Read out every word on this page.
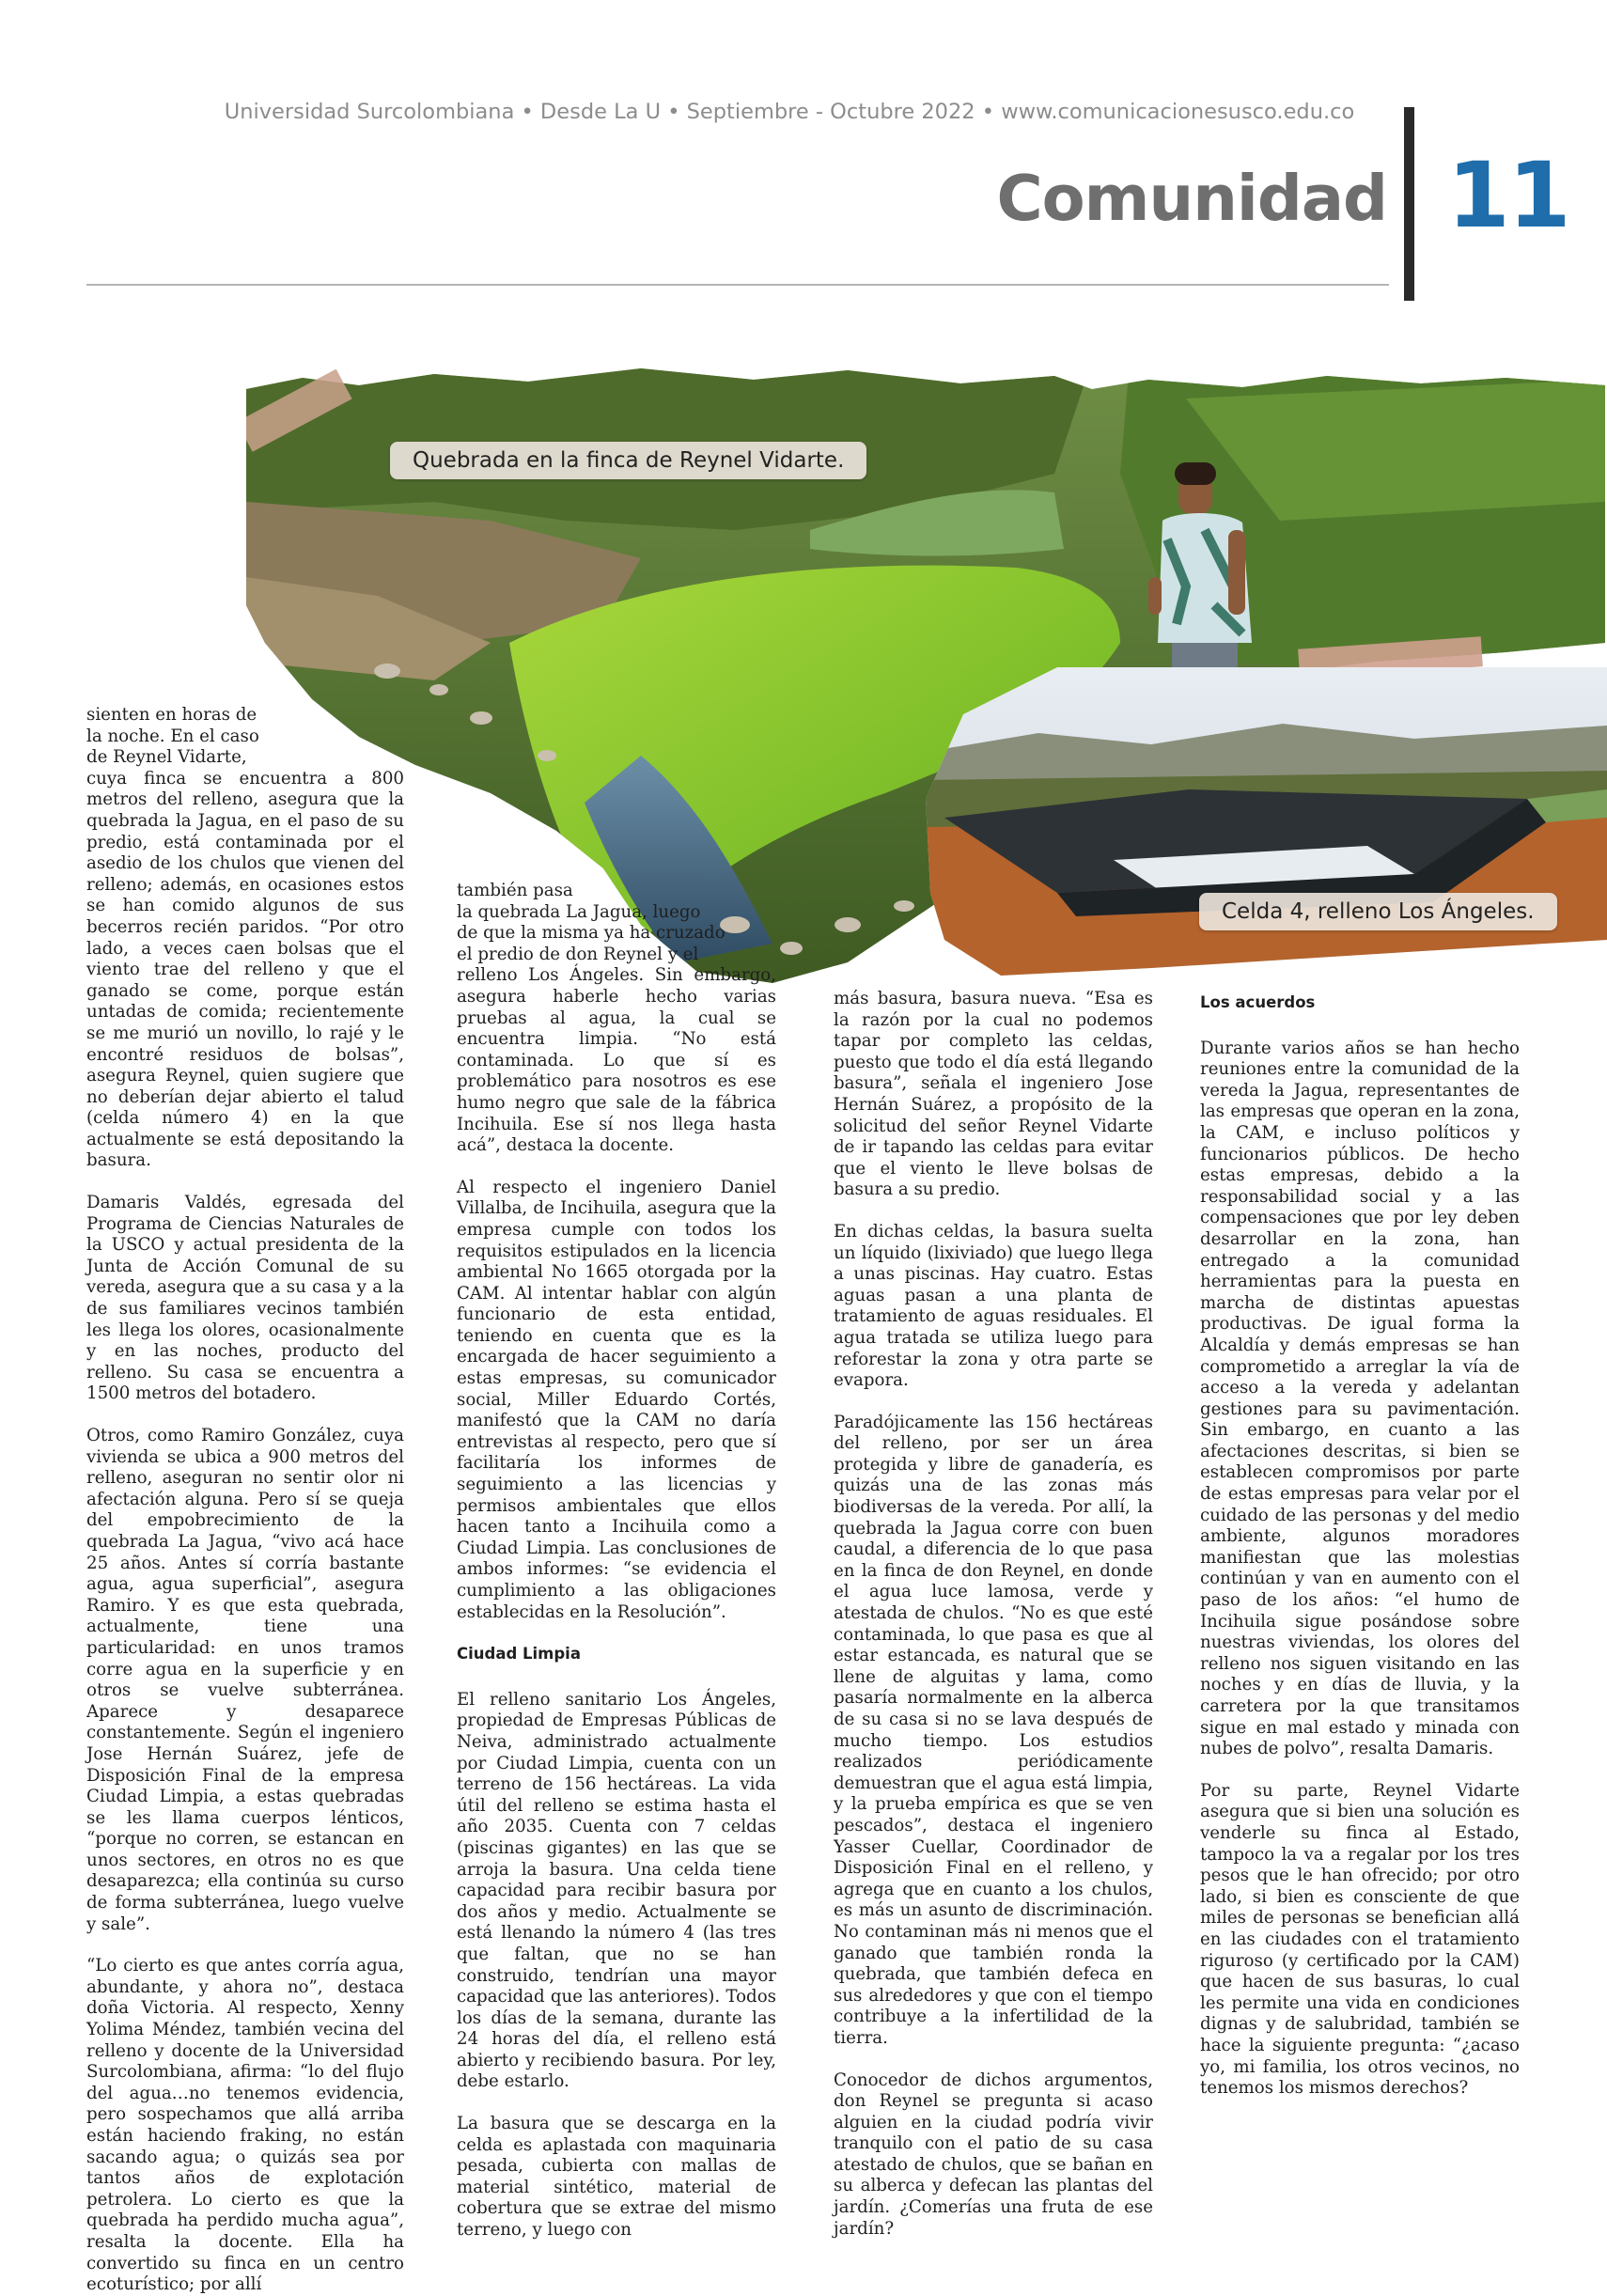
Universidad Surcolombiana • Desde La U • Septiembre - Octubre 2022 • www.comunicacionesusco.edu.co
Comunidad 11
Quebrada en la finca de Reynel Vidarte.
Celda 4, relleno Los Ángeles.
sienten en horas de
la noche. En el caso
de Reynel Vidarte,

cuya finca se encuentra a 800 metros del relleno, asegura que la quebrada la Jagua, en el paso de su predio, está contaminada por el asedio de los chulos que vienen del relleno; además, en ocasiones estos se han comido algunos de sus becerros recién paridos. “Por otro lado, a veces caen bolsas que el viento trae del relleno y que el ganado se come, porque están untadas de comida; recientemente se me murió un novillo, lo rajé y le encontré residuos de bolsas”, asegura Reynel, quien sugiere que no deberían dejar abierto el talud (celda número 4) en la que actualmente se está depositando la basura.

Damaris Valdés, egresada del Programa de Ciencias Naturales de la USCO y actual presidenta de la Junta de Acción Comunal de su vereda, asegura que a su casa y a la de sus familiares vecinos también les llega los olores, ocasionalmente y en las noches, producto del relleno. Su casa se encuentra a 1500 metros del botadero.

Otros, como Ramiro González, cuya vivienda se ubica a 900 metros del relleno, aseguran no sentir olor ni afectación alguna. Pero sí se queja del empobrecimiento de la quebrada La Jagua, “vivo acá hace 25 años. Antes sí corría bastante agua, agua superficial”, asegura Ramiro. Y es que esta quebrada, actualmente, tiene una particularidad: en unos tramos corre agua en la superficie y en otros se vuelve subterránea. Aparece y desaparece constantemente. Según el ingeniero Jose Hernán Suárez, jefe de Disposición Final de la empresa Ciudad Limpia, a estas quebradas se les llama cuerpos lénticos, “porque no corren, se estancan en unos sectores, en otros no es que desaparezca; ella continúa su curso de forma subterránea, luego vuelve y sale”.

“Lo cierto es que antes corría agua, abundante, y ahora no”, destaca doña Victoria. Al respecto, Xenny Yolima Méndez, también vecina del relleno y docente de la Universidad Surcolombiana, afirma: “lo del flujo del agua…no tenemos evidencia, pero sospechamos que allá arriba están haciendo fraking, no están sacando agua; o quizás sea por tantos años de explotación petrolera. Lo cierto es que la quebrada ha perdido mucha agua”, resalta la docente. Ella ha convertido su finca en un centro ecoturístico; por allí

también pasa
la quebrada La Jagua, luego
de que la misma ya ha cruzado
el predio de don Reynel y el

relleno Los Ángeles. Sin embargo, asegura haberle hecho varias pruebas al agua, la cual se encuentra limpia. “No está contaminada. Lo que sí es problemático para nosotros es ese humo negro que sale de la fábrica Incihuila. Ese sí nos llega hasta acá”, destaca la docente.

Al respecto el ingeniero Daniel Villalba, de Incihuila, asegura que la empresa cumple con todos los requisitos estipulados en la licencia ambiental No 1665 otorgada por la CAM. Al intentar hablar con algún funcionario de esta entidad, teniendo en cuenta que es la encargada de hacer seguimiento a estas empresas, su comunicador social, Miller Eduardo Cortés, manifestó que la CAM no daría entrevistas al respecto, pero que sí facilitaría los informes de seguimiento a las licencias y permisos ambientales que ellos hacen tanto a Incihuila como a Ciudad Limpia. Las conclusiones de ambos informes: “se evidencia el cumplimiento a las obligaciones establecidas en la Resolución”.

Ciudad Limpia

El relleno sanitario Los Ángeles, propiedad de Empresas Públicas de Neiva, administrado actualmente por Ciudad Limpia, cuenta con un terreno de 156 hectáreas. La vida útil del relleno se estima hasta el año 2035. Cuenta con 7 celdas (piscinas gigantes) en las que se arroja la basura. Una celda tiene capacidad para recibir basura por dos años y medio. Actualmente se está llenando la número 4 (las tres que faltan, que no se han construido, tendrían una mayor capacidad que las anteriores). Todos los días de la semana, durante las 24 horas del día, el relleno está abierto y recibiendo basura. Por ley, debe estarlo.

La basura que se descarga en la celda es aplastada con maquinaria pesada, cubierta con mallas de material sintético, material de cobertura que se extrae del mismo terreno, y luego con

más basura, basura nueva. “Esa es la razón por la cual no podemos tapar por completo las celdas, puesto que todo el día está llegando basura”, señala el ingeniero Jose Hernán Suárez, a propósito de la solicitud del señor Reynel Vidarte de ir tapando las celdas para evitar que el viento le lleve bolsas de basura a su predio.

En dichas celdas, la basura suelta un líquido (lixiviado) que luego llega a unas piscinas. Hay cuatro. Estas aguas pasan a una planta de tratamiento de aguas residuales. El agua tratada se utiliza luego para reforestar la zona y otra parte se evapora.

Paradójicamente las 156 hectáreas del relleno, por ser un área protegida y libre de ganadería, es quizás una de las zonas más biodiversas de la vereda. Por allí, la quebrada la Jagua corre con buen caudal, a diferencia de lo que pasa en la finca de don Reynel, en donde el agua luce lamosa, verde y atestada de chulos. “No es que esté contaminada, lo que pasa es que al estar estancada, es natural que se llene de alguitas y lama, como pasaría normalmente en la alberca de su casa si no se lava después de mucho tiempo. Los estudios realizados periódicamente demuestran que el agua está limpia, y la prueba empírica es que se ven pescados”, destaca el ingeniero Yasser Cuellar, Coordinador de Disposición Final en el relleno, y agrega que en cuanto a los chulos, es más un asunto de discriminación. No contaminan más ni menos que el ganado que también ronda la quebrada, que también defeca en sus alrededores y que con el tiempo contribuye a la infertilidad de la tierra.

Conocedor de dichos argumentos, don Reynel se pregunta si acaso alguien en la ciudad podría vivir tranquilo con el patio de su casa atestado de chulos, que se bañan en su alberca y defecan las plantas del jardín. ¿Comerías una fruta de ese jardín?

Los acuerdos

Durante varios años se han hecho reuniones entre la comunidad de la vereda la Jagua, representantes de las empresas que operan en la zona, la CAM, e incluso políticos y funcionarios públicos. De hecho estas empresas, debido a la responsabilidad social y a las compensaciones que por ley deben desarrollar en la zona, han entregado a la comunidad herramientas para la puesta en marcha de distintas apuestas productivas. De igual forma la Alcaldía y demás empresas se han comprometido a arreglar la vía de acceso a la vereda y adelantan gestiones para su pavimentación. Sin embargo, en cuanto a las afectaciones descritas, si bien se establecen compromisos por parte de estas empresas para velar por el cuidado de las personas y del medio ambiente, algunos moradores manifiestan que las molestias continúan y van en aumento con el paso de los años: “el humo de Incihuila sigue posándose sobre nuestras viviendas, los olores del relleno nos siguen visitando en las noches y en días de lluvia, y la carretera por la que transitamos sigue en mal estado y minada con nubes de polvo”, resalta Damaris.

Por su parte, Reynel Vidarte asegura que si bien una solución es venderle su finca al Estado, tampoco la va a regalar por los tres pesos que le han ofrecido; por otro lado, si bien es consciente de que miles de personas se benefician allá en las ciudades con el tratamiento riguroso (y certificado por la CAM) que hacen de sus basuras, lo cual les permite una vida en condiciones dignas y de salubridad, también se hace la siguiente pregunta: “¿acaso yo, mi familia, los otros vecinos, no tenemos los mismos derechos?
